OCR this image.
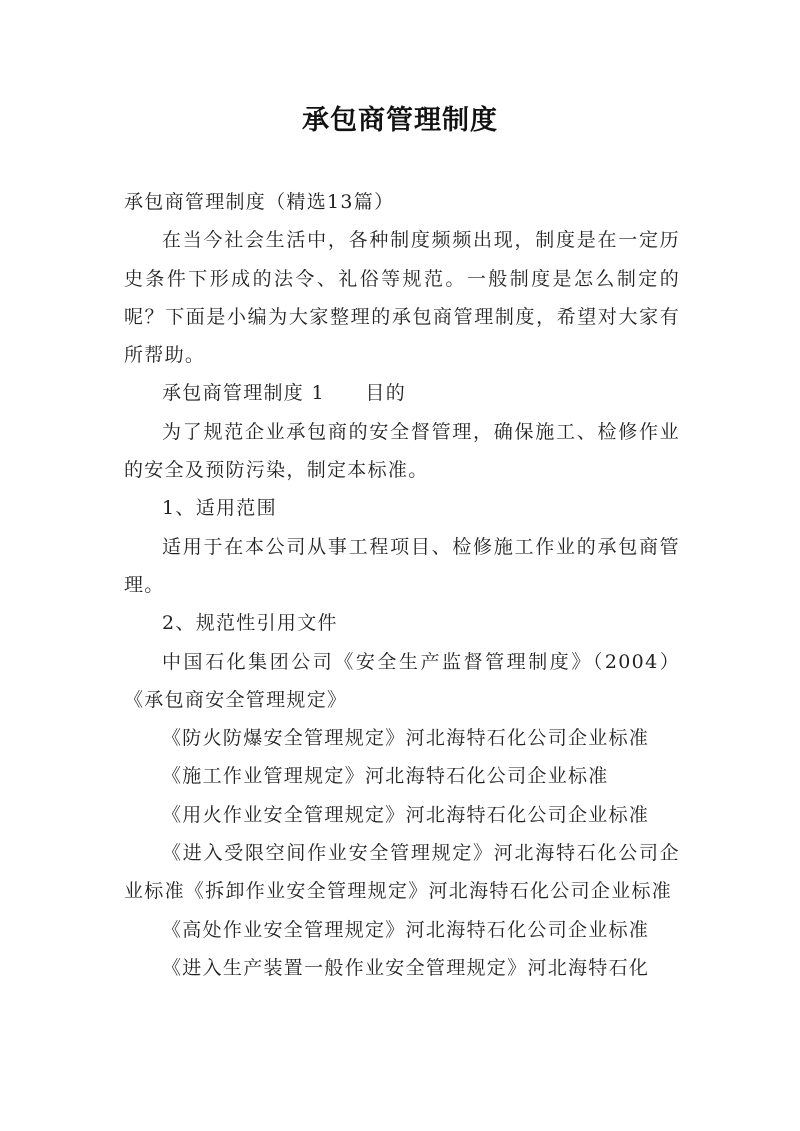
承包商管理制度

承包商管理制度（精选13篇）

在当今社会生活中，各种制度频频出现，制度是在一定历史条件下形成的法令、礼俗等规范。一般制度是怎么制定的呢？下面是小编为大家整理的承包商管理制度，希望对大家有所帮助。

承包商管理制度 1　　目的

为了规范企业承包商的安全督管理，确保施工、检修作业的安全及预防污染，制定本标准。

1、适用范围

适用于在本公司从事工程项目、检修施工作业的承包商管理。

2、规范性引用文件

中国石化集团公司《安全生产监督管理制度》（2004）《承包商安全管理规定》

《防火防爆安全管理规定》河北海特石化公司企业标准

《施工作业管理规定》河北海特石化公司企业标准

《用火作业安全管理规定》河北海特石化公司企业标准

《进入受限空间作业安全管理规定》河北海特石化公司企业标准《拆卸作业安全管理规定》河北海特石化公司企业标准

《高处作业安全管理规定》河北海特石化公司企业标准

《进入生产装置一般作业安全管理规定》河北海特石化
